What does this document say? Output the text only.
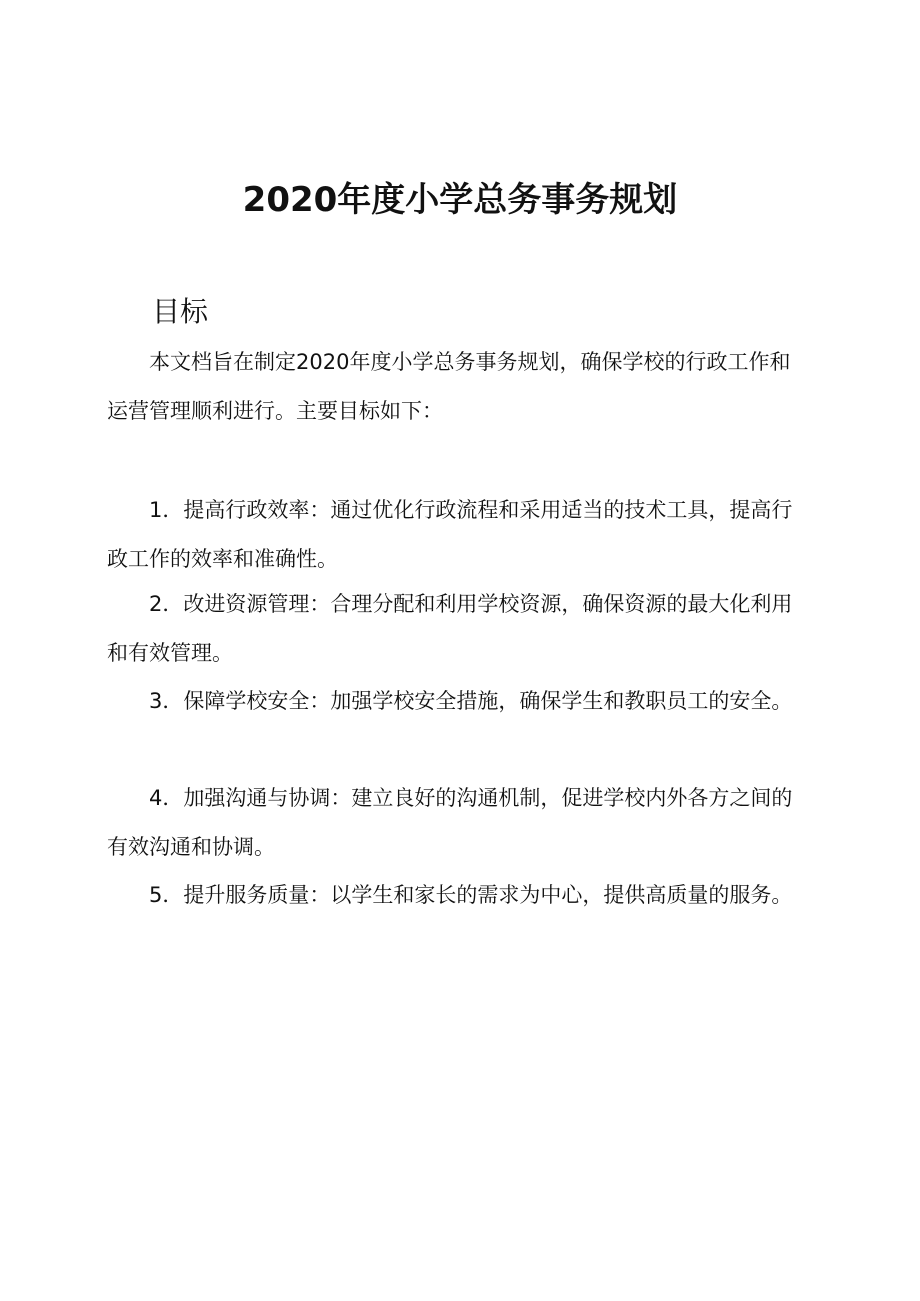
2020年度小学总务事务规划
目标

本文档旨在制定2020年度小学总务事务规划，确保学校的行政工作和运营管理顺利进行。主要目标如下：

1．提高行政效率：通过优化行政流程和采用适当的技术工具，提高行政工作的效率和准确性。

2．改进资源管理：合理分配和利用学校资源，确保资源的最大化利用和有效管理。

3．保障学校安全：加强学校安全措施，确保学生和教职员工的安全。

4．加强沟通与协调：建立良好的沟通机制，促进学校内外各方之间的有效沟通和协调。

5．提升服务质量：以学生和家长的需求为中心，提供高质量的服务。
